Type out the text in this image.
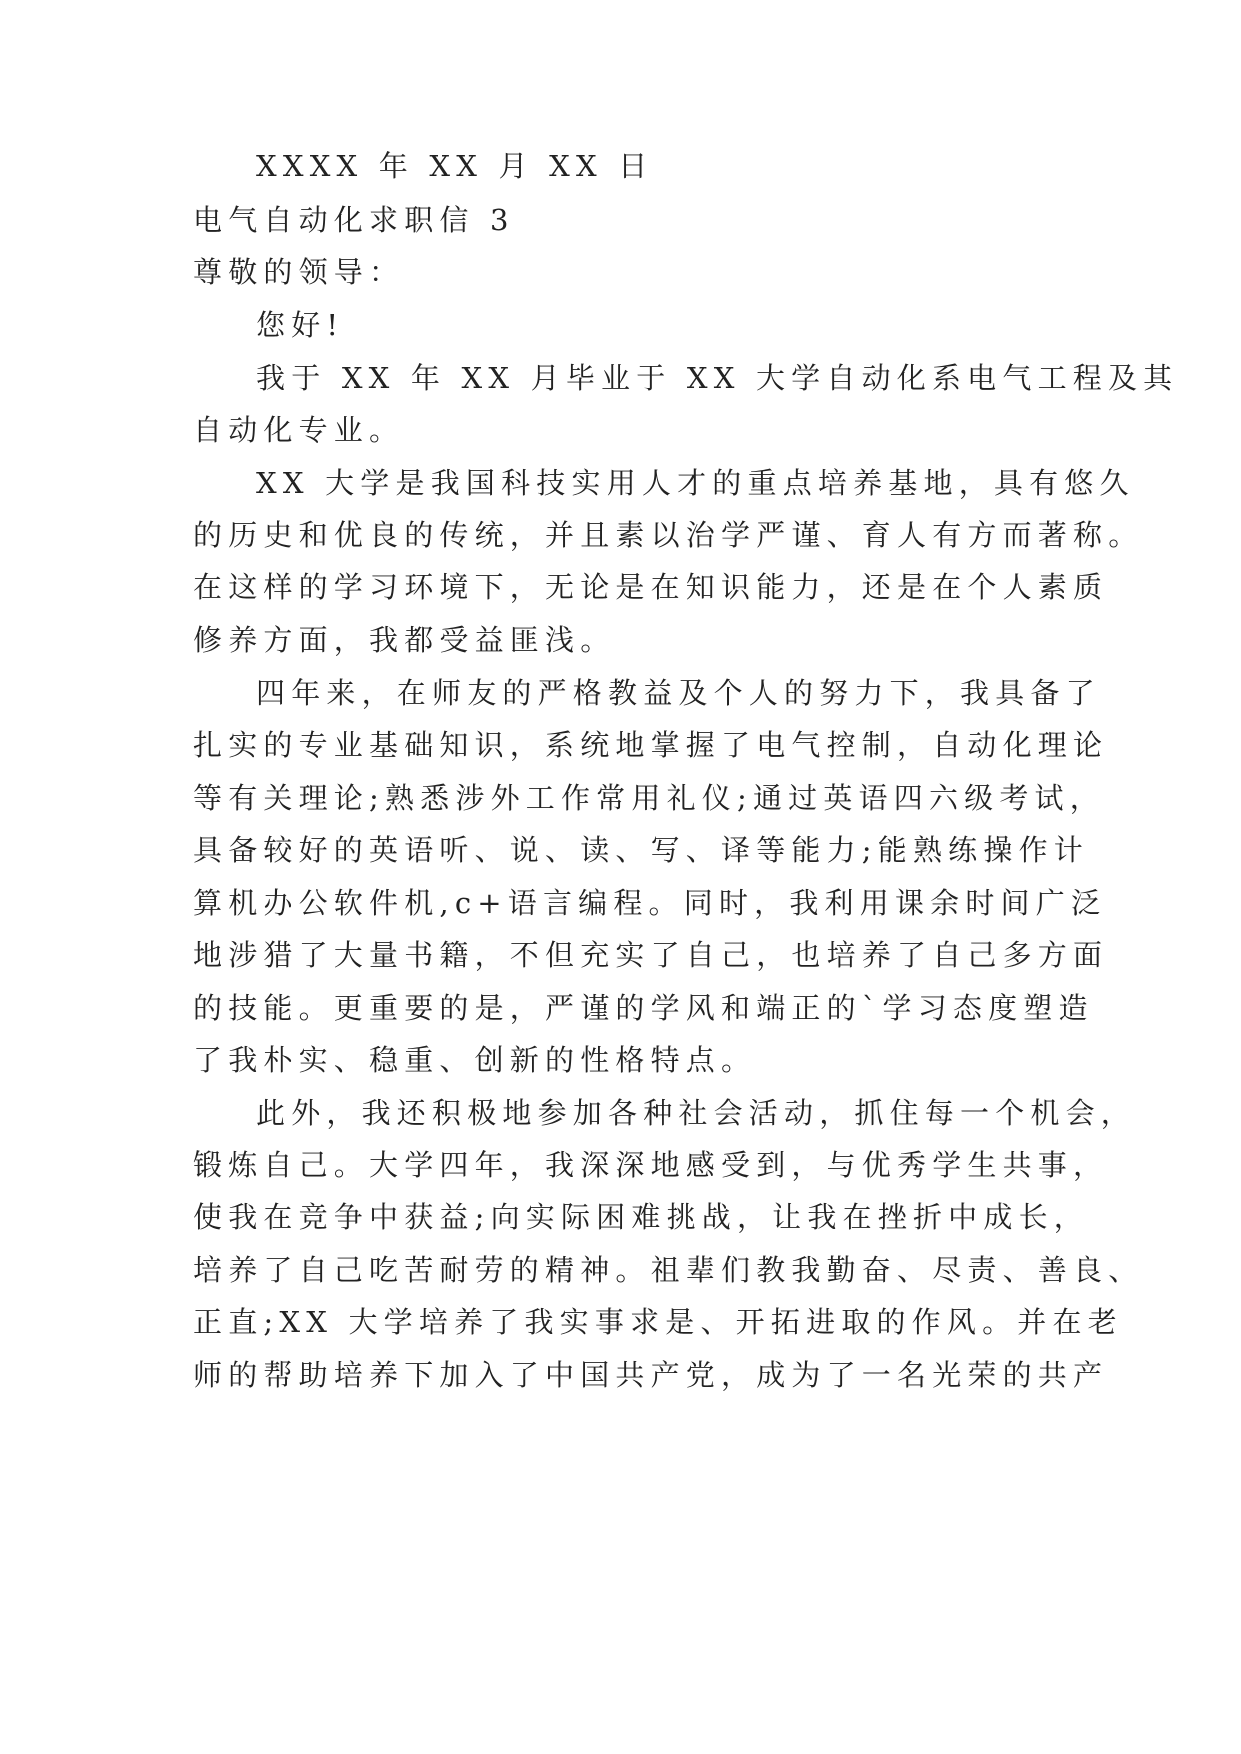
XXXX 年 XX 月 XX 日
电气自动化求职信 3
尊敬的领导：
您好!
我于 XX 年 XX 月毕业于 XX 大学自动化系电气工程及其
自动化专业。
XX 大学是我国科技实用人才的重点培养基地，具有悠久
的历史和优良的传统，并且素以治学严谨、育人有方而著称。
在这样的学习环境下，无论是在知识能力，还是在个人素质
修养方面，我都受益匪浅。
四年来，在师友的严格教益及个人的努力下，我具备了
扎实的专业基础知识，系统地掌握了电气控制，自动化理论
等有关理论;熟悉涉外工作常用礼仪;通过英语四六级考试，
具备较好的英语听、说、读、写、译等能力;能熟练操作计
算机办公软件机,c+语言编程。同时，我利用课余时间广泛
地涉猎了大量书籍，不但充实了自己，也培养了自己多方面
的技能。更重要的是，严谨的学风和端正的`学习态度塑造
了我朴实、稳重、创新的性格特点。
此外，我还积极地参加各种社会活动，抓住每一个机会，
锻炼自己。大学四年，我深深地感受到，与优秀学生共事，
使我在竞争中获益;向实际困难挑战，让我在挫折中成长，
培养了自己吃苦耐劳的精神。祖辈们教我勤奋、尽责、善良、
正直;XX 大学培养了我实事求是、开拓进取的作风。并在老
师的帮助培养下加入了中国共产党，成为了一名光荣的共产
